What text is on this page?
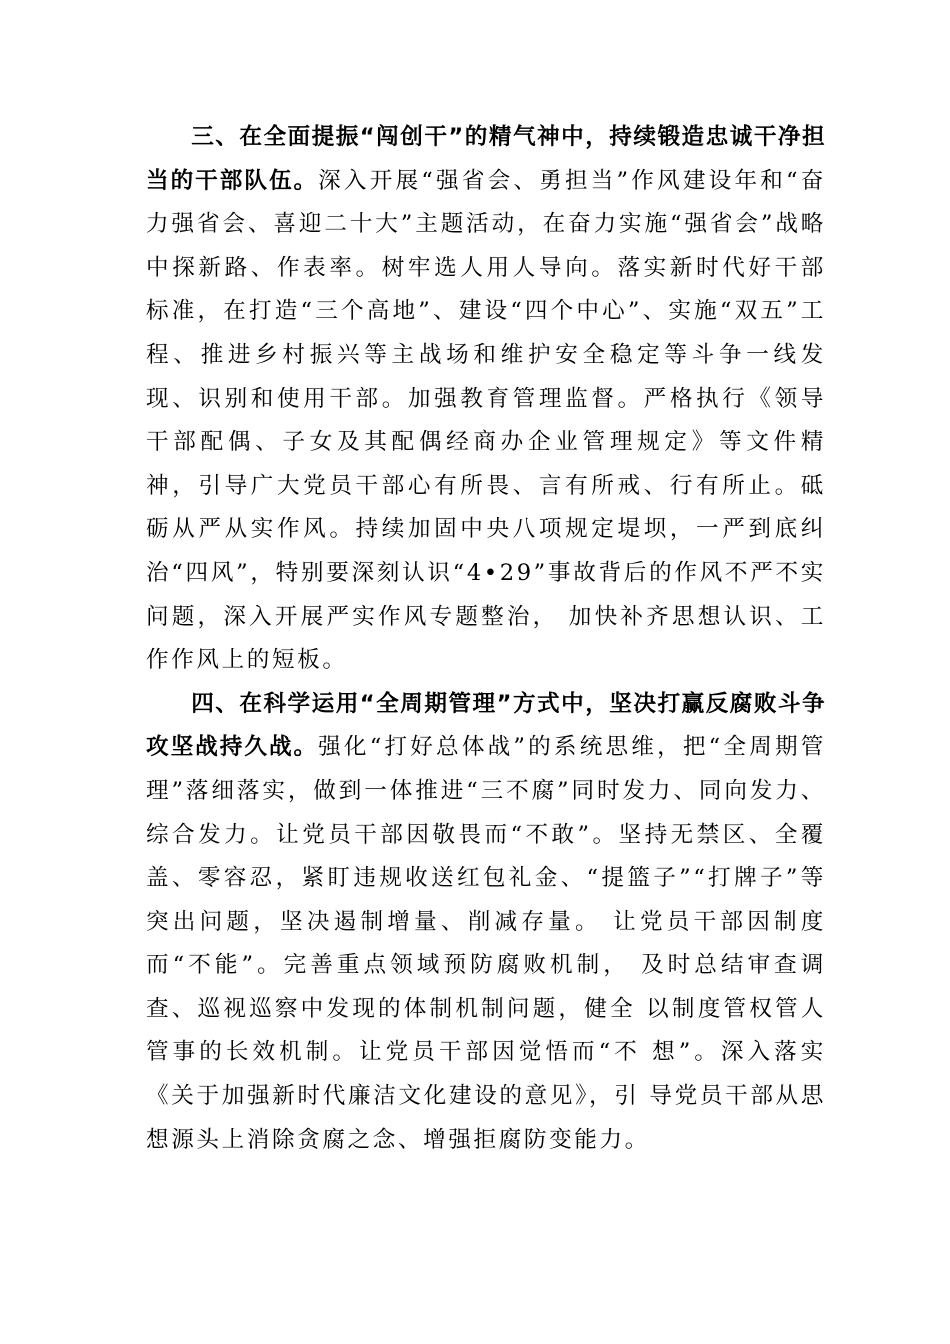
三、在全面提振“闯创干”的精气神中，持续锻造忠诚干净担当的干部队伍。深入开展“强省会、勇担当”作风建设年和“奋力强省会、喜迎二十大”主题活动，在奋力实施“强省会”战略中探新路、作表率。树牢选人用人导向。落实新时代好干部标准，在打造“三个高地”、建设“四个中心”、实施“双五”工程、推进乡村振兴等主战场和维护安全稳定等斗争一线发现、识别和使用干部。加强教育管理监督。严格执行《领导干部配偶、子女及其配偶经商办企业管理规定》等文件精神，引导广大党员干部心有所畏、言有所戒、行有所止。砥砺从严从实作风。持续加固中央八项规定堤坝，一严到底纠治“四风”，特别要深刻认识“4•29”事故背后的作风不严不实问题，深入开展严实作风专题整治， 加快补齐思想认识、工作作风上的短板。

四、在科学运用“全周期管理”方式中，坚决打赢反腐败斗争攻坚战持久战。强化“打好总体战”的系统思维，把“全周期管理”落细落实，做到一体推进“三不腐”同时发力、同向发力、综合发力。让党员干部因敬畏而“不敢”。坚持无禁区、全覆盖、零容忍，紧盯违规收送红包礼金、“提篮子”“打牌子”等突出问题，坚决遏制增量、削减存量。 让党员干部因制度而“不能”。完善重点领域预防腐败机制， 及时总结审查调查、巡视巡察中发现的体制机制问题，健全 以制度管权管人管事的长效机制。让党员干部因觉悟而“不 想”。深入落实《关于加强新时代廉洁文化建设的意见》，引 导党员干部从思想源头上消除贪腐之念、增强拒腐防变能力。
